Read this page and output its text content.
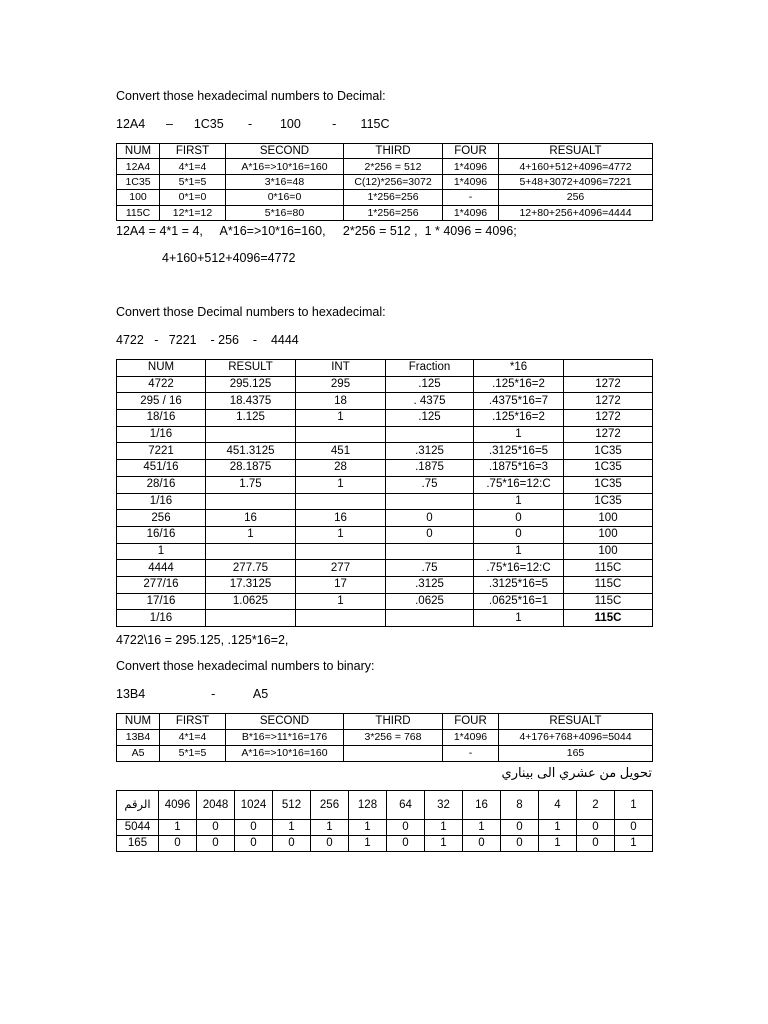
Convert those hexadecimal numbers to Decimal:

12A4      –      1C35       -        100         -       115C

NUM	FIRST	SECOND	THIRD	FOUR	RESUALT
12A4	4*1=4	A*16=>10*16=160	2*256 = 512	1*4096	4+160+512+4096=4772
1C35	5*1=5	3*16=48	C(12)*256=3072	1*4096	5+48+3072+4096=7221
100	0*1=0	0*16=0	1*256=256	-	256
115C	12*1=12	5*16=80	1*256=256	1*4096	12+80+256+4096=4444

12A4 = 4*1 = 4,     A*16=>10*16=160,     2*256 = 512 ,  1 * 4096 = 4096;

4+160+512+4096=4772

Convert those Decimal numbers to hexadecimal:

4722   -   7221    - 256    -    4444

NUM	RESULT	INT	Fraction	*16	
4722	295.125	295	.125	.125*16=2	1272
295 / 16	18.4375	18	. 4375	.4375*16=7	1272
18/16	1.125	1	.125	.125*16=2	1272
1/16				1	1272
7221	451.3125	451	.3125	.3125*16=5	1C35
451/16	28.1875	28	.1875	.1875*16=3	1C35
28/16	1.75	1	.75	.75*16=12:C	1C35
1/16				1	1C35
256	16	16	0	0	100
16/16	1	1	0	0	100
1				1	100
4444	277.75	277	.75	.75*16=12:C	115C
277/16	17.3125	17	.3125	.3125*16=5	115C
17/16	1.0625	1	.0625	.0625*16=1	115C
1/16				1	115C

4722\16 = 295.125, .125*16=2,

Convert those hexadecimal numbers to binary:

13B4                   -           A5

NUM	FIRST	SECOND	THIRD	FOUR	RESUALT
13B4	4*1=4	B*16=>11*16=176	3*256 = 768	1*4096	4+176+768+4096=5044
A5	5*1=5	A*16=>10*16=160		-	165

تحويل من عشري الى بيناري

الرقم	4096	2048	1024	512	256	128	64	32	16	8	4	2	1
5044	1	0	0	1	1	1	0	1	1	0	1	0	0
165	0	0	0	0	0	1	0	1	0	0	1	0	1
